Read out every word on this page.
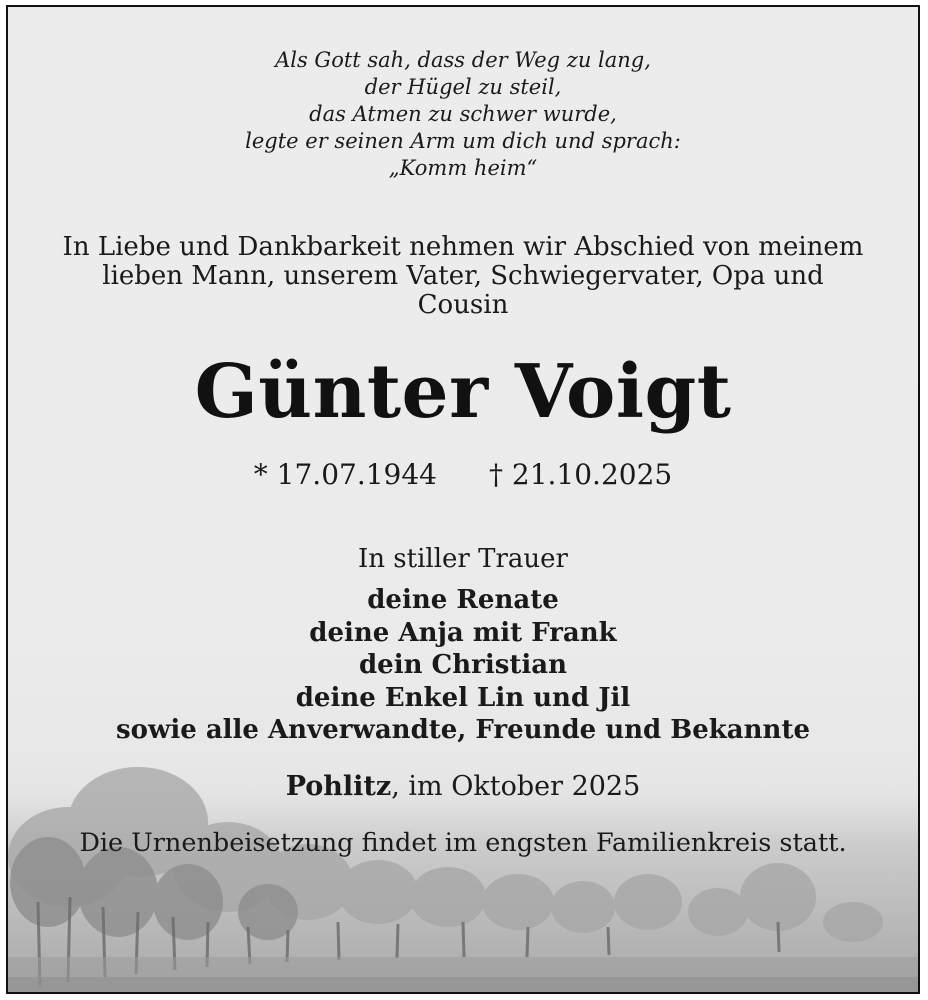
Als Gott sah, dass der Weg zu lang,
der Hügel zu steil,
das Atmen zu schwer wurde,
legte er seinen Arm um dich und sprach:
„Komm heim“
In Liebe und Dankbarkeit nehmen wir Abschied von meinem
lieben Mann, unserem Vater, Schwiegervater, Opa und
Cousin
Günter Voigt
* 17.07.1944 † 21.10.2025
In stiller Trauer
deine Renate
deine Anja mit Frank
dein Christian
deine Enkel Lin und Jil
sowie alle Anverwandte, Freunde und Bekannte
Pohlitz, im Oktober 2025
Die Urnenbeisetzung findet im engsten Familienkreis statt.
